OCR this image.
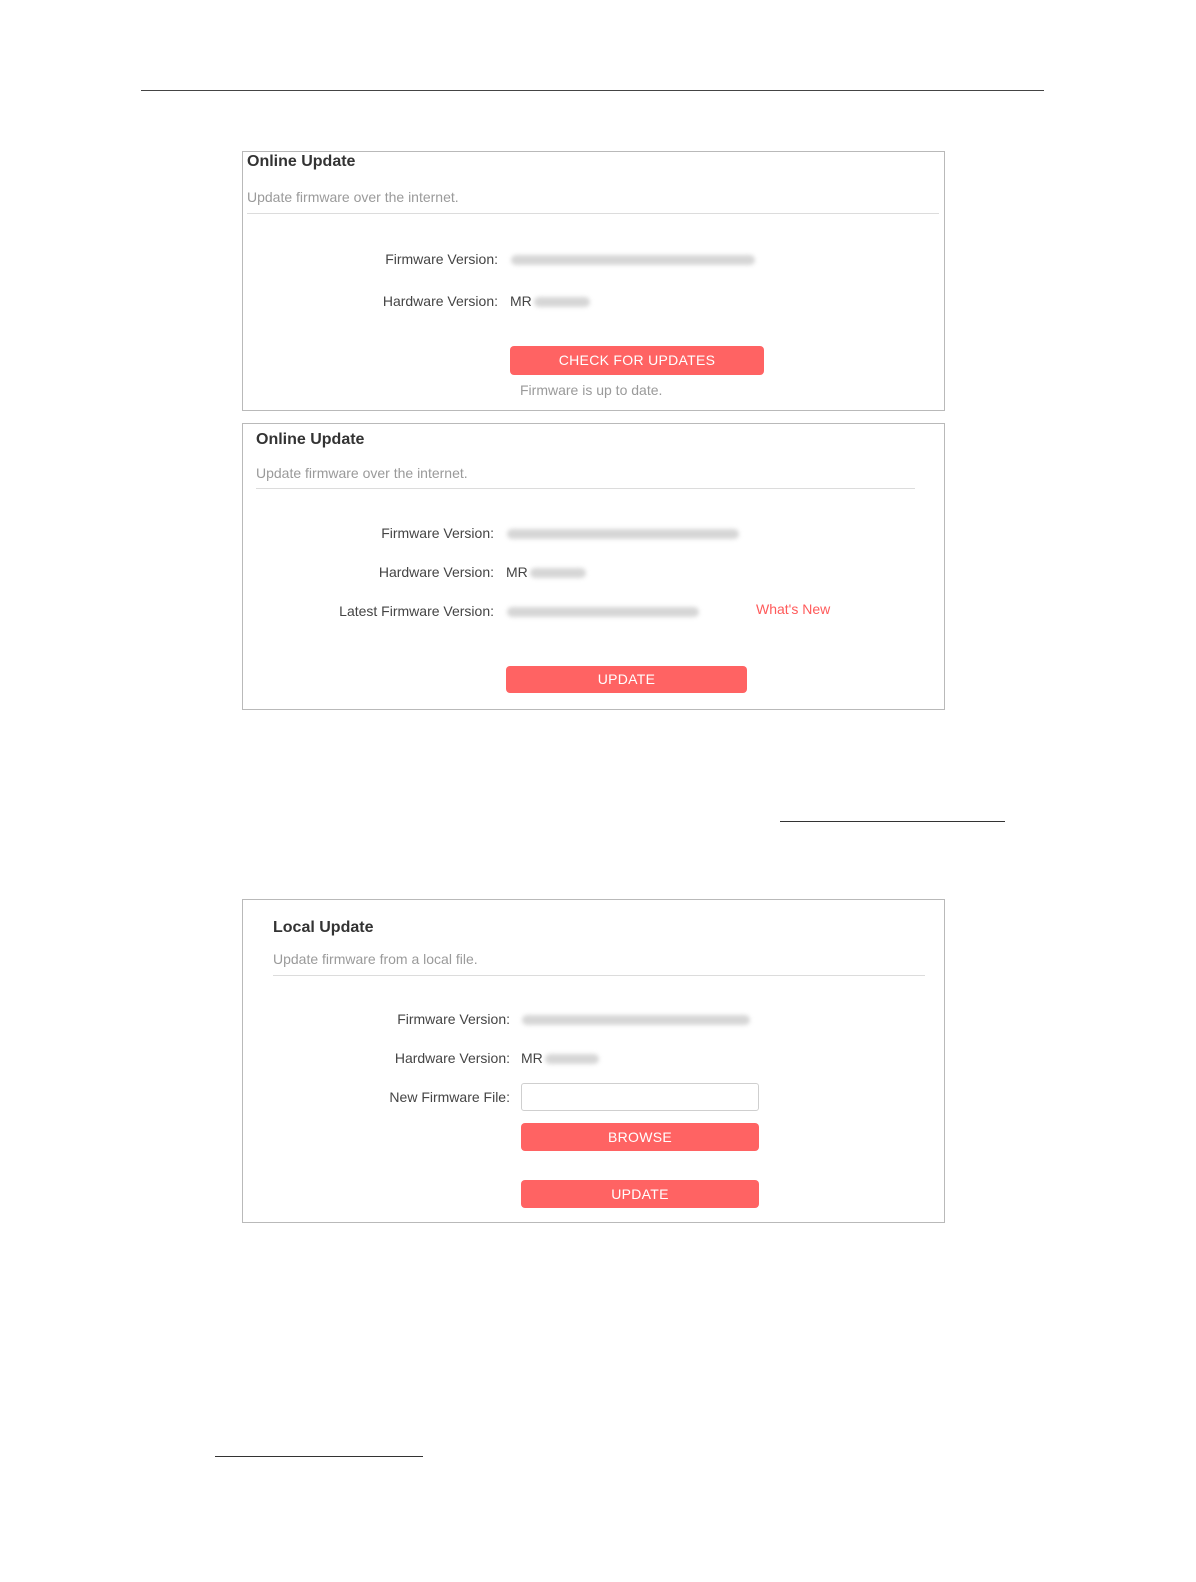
Online Update
Update firmware over the internet.
Firmware Version:
Hardware Version: MR
CHECK FOR UPDATES
Firmware is up to date.
Online Update
Update firmware over the internet.
Firmware Version:
Hardware Version: MR
Latest Firmware Version:	What's New
UPDATE
Local Update
Update firmware from a local file.
Firmware Version:
Hardware Version: MR
New Firmware File:
BROWSE
UPDATE
